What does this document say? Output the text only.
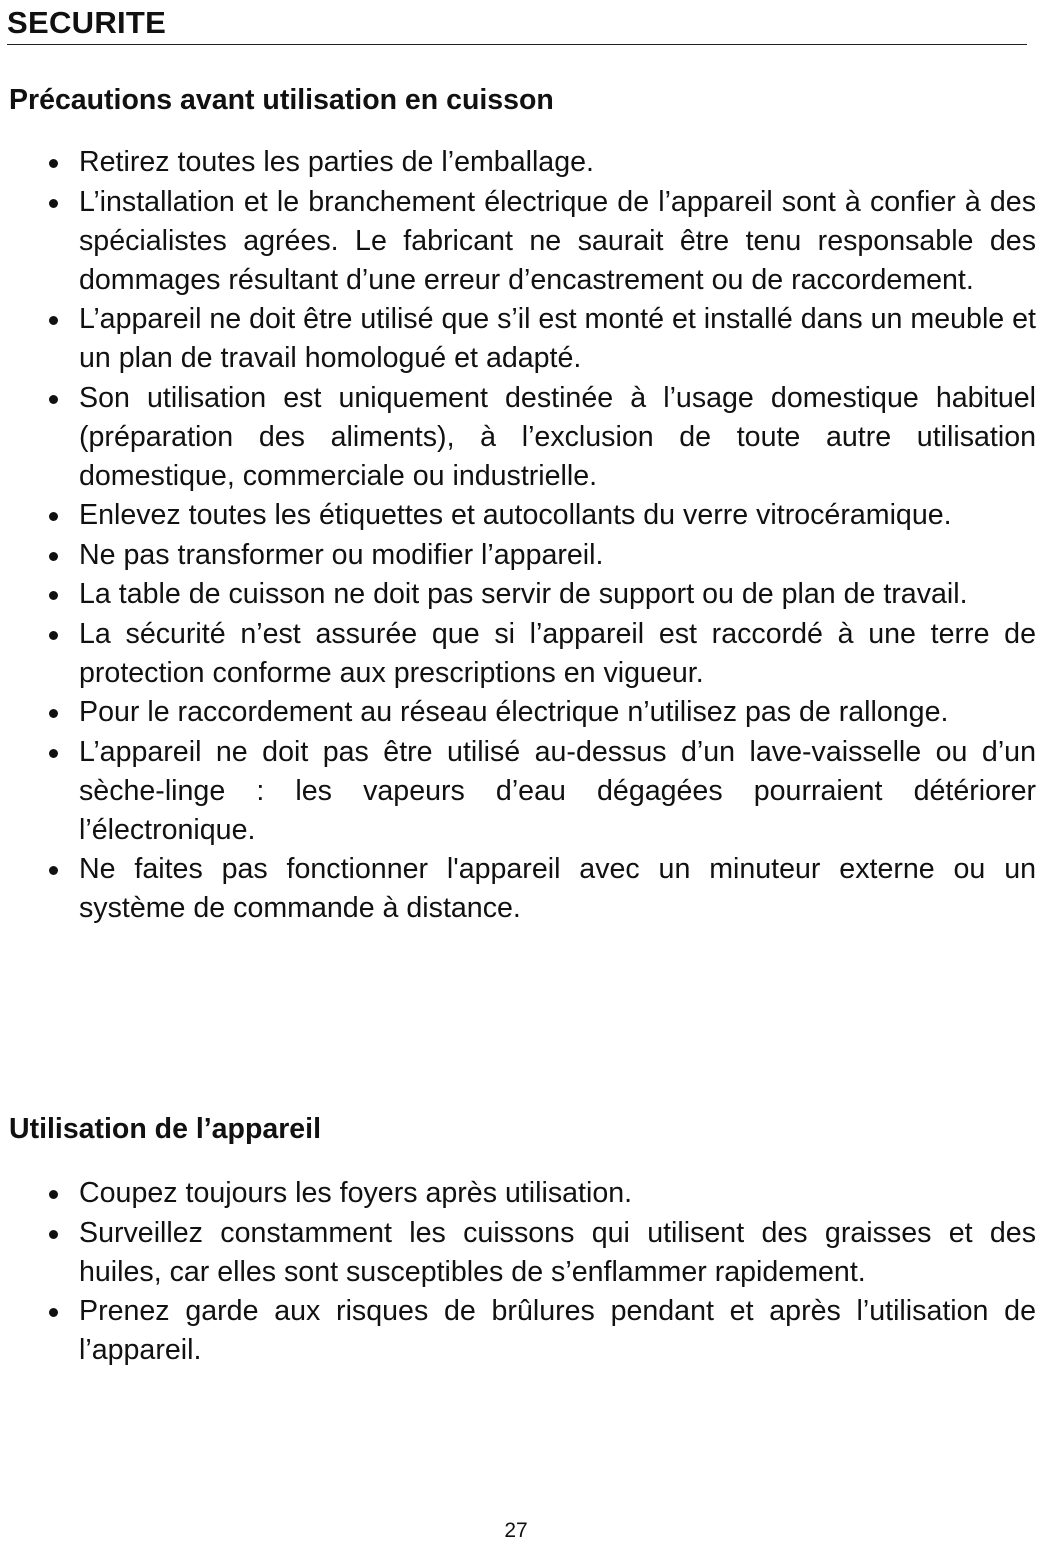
SECURITE
Précautions avant utilisation en cuisson
Retirez toutes les parties de l’emballage.
L’installation et le branchement électrique de l’appareil sont à confier à des spécialistes agrées. Le fabricant ne saurait être tenu responsable des dommages résultant d’une erreur d’encastrement ou de raccordement.
L’appareil ne doit être utilisé que s’il est monté et installé dans un meuble et un plan de travail homologué et adapté.
Son utilisation est uniquement destinée à l’usage domestique habituel (préparation des aliments), à l’exclusion de toute autre utilisation domestique, commerciale ou industrielle.
Enlevez toutes les étiquettes et autocollants du verre vitrocéramique.
Ne pas transformer ou modifier l’appareil.
La table de cuisson ne doit pas servir de support ou de plan de travail.
La sécurité n’est assurée que si l’appareil est raccordé à une terre de protection conforme aux prescriptions en vigueur.
Pour le raccordement au réseau électrique n’utilisez pas de rallonge.
L’appareil ne doit pas être utilisé au-dessus d’un lave-vaisselle ou d’un sèche-linge : les vapeurs d’eau dégagées pourraient détériorer l’électronique.
Ne faites pas fonctionner l'appareil avec un minuteur externe ou un système de commande à distance.
Utilisation de l’appareil
Coupez toujours les foyers après utilisation.
Surveillez constamment les cuissons qui utilisent des graisses et des huiles, car elles sont susceptibles de s’enflammer rapidement.
Prenez garde aux risques de brûlures pendant et après l’utilisation de l’appareil.
27
